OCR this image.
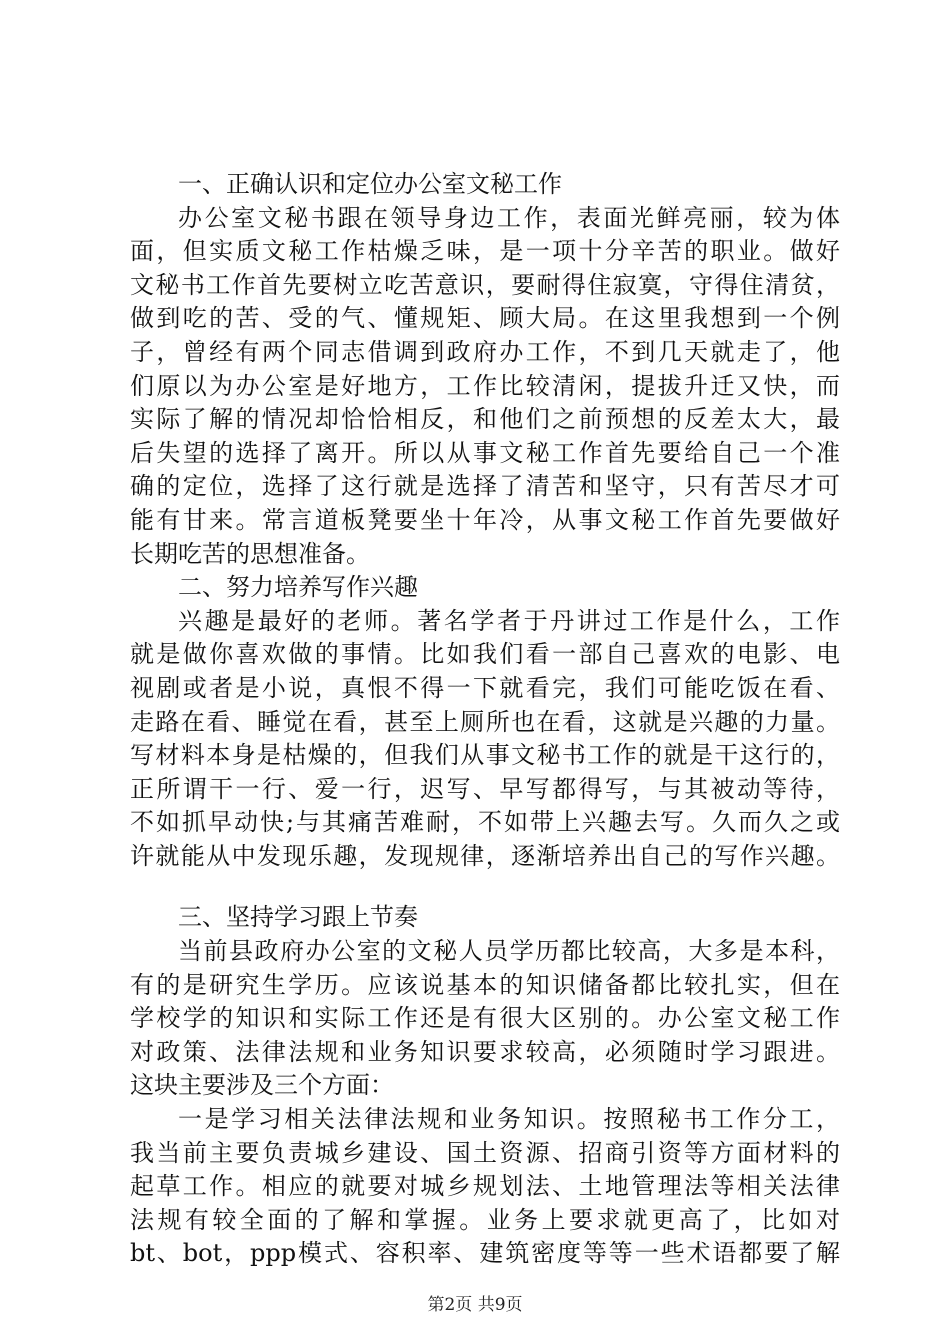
一、正确认识和定位办公室文秘工作
办公室文秘书跟在领导身边工作，表面光鲜亮丽，较为体
面，但实质文秘工作枯燥乏味，是一项十分辛苦的职业。做好
文秘书工作首先要树立吃苦意识，要耐得住寂寞，守得住清贫，
做到吃的苦、受的气、懂规矩、顾大局。在这里我想到一个例
子，曾经有两个同志借调到政府办工作，不到几天就走了，他
们原以为办公室是好地方，工作比较清闲，提拔升迁又快，而
实际了解的情况却恰恰相反，和他们之前预想的反差太大，最
后失望的选择了离开。所以从事文秘工作首先要给自己一个准
确的定位，选择了这行就是选择了清苦和坚守，只有苦尽才可
能有甘来。常言道板凳要坐十年冷，从事文秘工作首先要做好
长期吃苦的思想准备。
二、努力培养写作兴趣
兴趣是最好的老师。著名学者于丹讲过工作是什么，工作
就是做你喜欢做的事情。比如我们看一部自己喜欢的电影、电
视剧或者是小说，真恨不得一下就看完，我们可能吃饭在看、
走路在看、睡觉在看，甚至上厕所也在看，这就是兴趣的力量。
写材料本身是枯燥的，但我们从事文秘书工作的就是干这行的，
正所谓干一行、爱一行，迟写、早写都得写，与其被动等待，
不如抓早动快;与其痛苦难耐，不如带上兴趣去写。久而久之或
许就能从中发现乐趣，发现规律，逐渐培养出自己的写作兴趣。
三、坚持学习跟上节奏
当前县政府办公室的文秘人员学历都比较高，大多是本科，
有的是研究生学历。应该说基本的知识储备都比较扎实，但在
学校学的知识和实际工作还是有很大区别的。办公室文秘工作
对政策、法律法规和业务知识要求较高，必须随时学习跟进。
这块主要涉及三个方面：
一是学习相关法律法规和业务知识。按照秘书工作分工，
我当前主要负责城乡建设、国土资源、招商引资等方面材料的
起草工作。相应的就要对城乡规划法、土地管理法等相关法律
法规有较全面的了解和掌握。业务上要求就更高了，比如对
bt、bot，ppp模式、容积率、建筑密度等等一些术语都要了解
第2页 共9页
